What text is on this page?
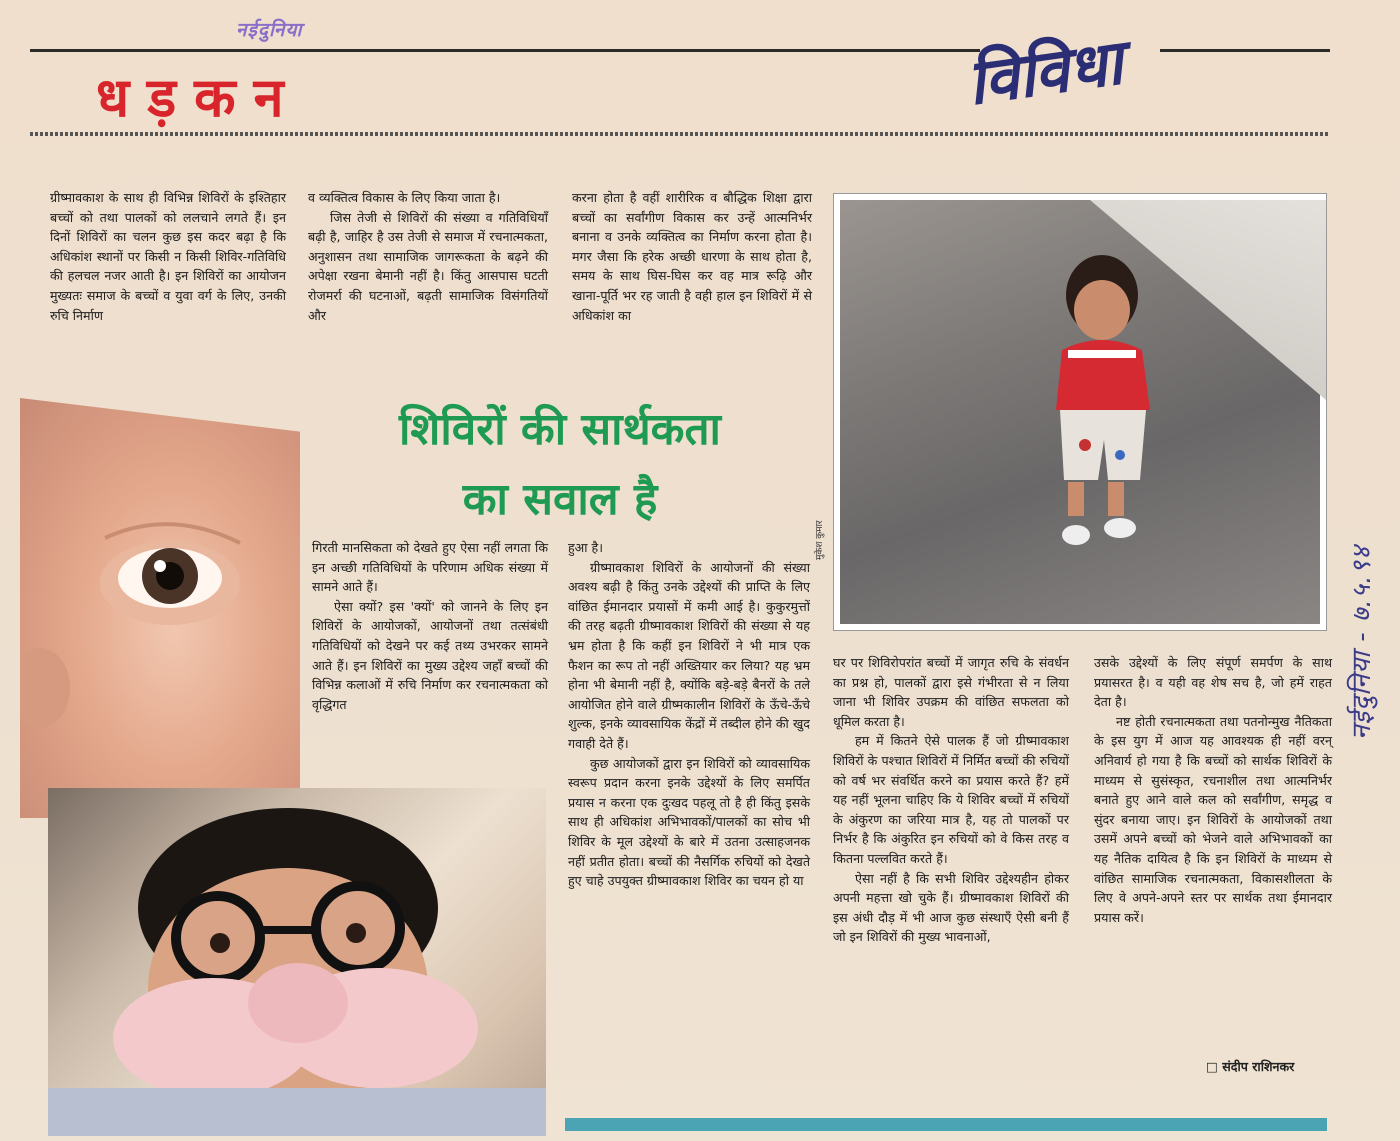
नईदुनिया
धड़कन	विविधा

ग्रीष्मावकाश के साथ ही विभिन्न शिविरों के इश्तिहार बच्चों को तथा पालकों को ललचाने लगते हैं। इन दिनों शिविरों का चलन कुछ इस कदर बढ़ा है कि अधिकांश स्थानों पर किसी न किसी शिविर-गतिविधि की हलचल नजर आती है। इन शिविरों का आयोजन मुख्यतः समाज के बच्चों व युवा वर्ग के लिए, उनकी रुचि निर्माण

व व्यक्तित्व विकास के लिए किया जाता है।

जिस तेजी से शिविरों की संख्या व गतिविधियाँ बढ़ी है, जाहिर है उस तेजी से समाज में रचनात्मकता, अनुशासन तथा सामाजिक जागरूकता के बढ़ने की अपेक्षा रखना बेमानी नहीं है। किंतु आसपास घटती रोजमर्रा की घटनाओं, बढ़ती सामाजिक विसंगतियों और

करना होता है वहीं शारीरिक व बौद्धिक शिक्षा द्वारा बच्चों का सर्वांगीण विकास कर उन्हें आत्मनिर्भर बनाना व उनके व्यक्तित्व का निर्माण करना होता है। मगर जैसा कि हरेक अच्छी धारणा के साथ होता है, समय के साथ घिस-घिस कर वह मात्र रूढ़ि और खाना-पूर्ति भर रह जाती है वही हाल इन शिविरों में से अधिकांश का

शिविरों की सार्थकता
का सवाल है

गिरती मानसिकता को देखते हुए ऐसा नहीं लगता कि इन अच्छी गतिविधियों के परिणाम अधिक संख्या में सामने आते हैं।

ऐसा क्यों? इस 'क्यों' को जानने के लिए इन शिविरों के आयोजकों, आयोजनों तथा तत्संबंधी गतिविधियों को देखने पर कई तथ्य उभरकर सामने आते हैं। इन शिविरों का मुख्य उद्देश्य जहाँ बच्चों की विभिन्न कलाओं में रुचि निर्माण कर रचनात्मकता को वृद्धिगत

हुआ है।

ग्रीष्मावकाश शिविरों के आयोजनों की संख्या अवश्य बढ़ी है किंतु उनके उद्देश्यों की प्राप्ति के लिए वांछित ईमानदार प्रयासों में कमी आई है। कुकुरमुत्तों की तरह बढ़ती ग्रीष्मावकाश शिविरों की संख्या से यह भ्रम होता है कि कहीं इन शिविरों ने भी मात्र एक फैशन का रूप तो नहीं अख्तियार कर लिया? यह भ्रम होना भी बेमानी नहीं है, क्योंकि बड़े-बड़े बैनरों के तले आयोजित होने वाले ग्रीष्मकालीन शिविरों के ऊँचे-ऊँचे शुल्क, इनके व्यावसायिक केंद्रों में तब्दील होने की खुद गवाही देते हैं।

कुछ आयोजकों द्वारा इन शिविरों को व्यावसायिक स्वरूप प्रदान करना इनके उद्देश्यों के लिए समर्पित प्रयास न करना एक दुःखद पहलू तो है ही किंतु इसके साथ ही अधिकांश अभिभावकों/पालकों का सोच भी शिविर के मूल उद्देश्यों के बारे में उतना उत्साहजनक नहीं प्रतीत होता। बच्चों की नैसर्गिक रुचियों को देखते हुए चाहे उपयुक्त ग्रीष्मावकाश शिविर का चयन हो या

मुकेश कुमार

घर पर शिविरोपरांत बच्चों में जागृत रुचि के संवर्धन का प्रश्न हो, पालकों द्वारा इसे गंभीरता से न लिया जाना भी शिविर उपक्रम की वांछित सफलता को धूमिल करता है।

हम में कितने ऐसे पालक हैं जो ग्रीष्मावकाश शिविरों के पश्चात शिविरों में निर्मित बच्चों की रुचियों को वर्ष भर संवर्धित करने का प्रयास करते हैं? हमें यह नहीं भूलना चाहिए कि ये शिविर बच्चों में रुचियों के अंकुरण का जरिया मात्र है, यह तो पालकों पर निर्भर है कि अंकुरित इन रुचियों को वे किस तरह व कितना पल्लवित करते हैं।

ऐसा नहीं है कि सभी शिविर उद्देश्यहीन होकर अपनी महत्ता खो चुके हैं। ग्रीष्मावकाश शिविरों की इस अंधी दौड़ में भी आज कुछ संस्थाएँ ऐसी बनी हैं जो इन शिविरों की मुख्य भावनाओं,

उसके उद्देश्यों के लिए संपूर्ण समर्पण के साथ प्रयासरत है। व यही वह शेष सच है, जो हमें राहत देता है।

नष्ट होती रचनात्मकता तथा पतनोन्मुख नैतिकता के इस युग में आज यह आवश्यक ही नहीं वरन् अनिवार्य हो गया है कि बच्चों को सार्थक शिविरों के माध्यम से सुसंस्कृत, रचनाशील तथा आत्मनिर्भर बनाते हुए आने वाले कल को सर्वांगीण, समृद्ध व सुंदर बनाया जाए। इन शिविरों के आयोजकों तथा उसमें अपने बच्चों को भेजने वाले अभिभावकों का यह नैतिक दायित्व है कि इन शिविरों के माध्यम से वांछित सामाजिक रचनात्मकता, विकासशीलता के लिए वे अपने-अपने स्तर पर सार्थक तथा ईमानदार प्रयास करें।

□ संदीप राशिनकर
नईदुनिया - ७.५.९४
